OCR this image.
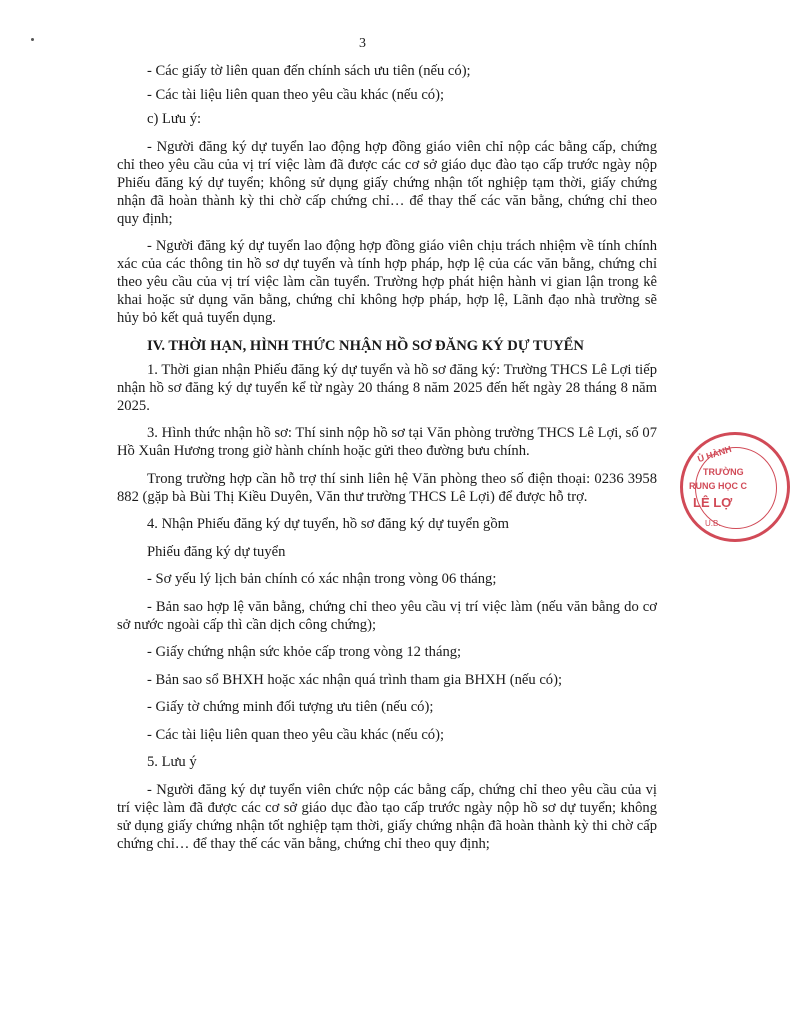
3

- Các giấy tờ liên quan đến chính sách ưu tiên (nếu có);

- Các tài liệu liên quan theo yêu cầu khác (nếu có);

c) Lưu ý:

- Người đăng ký dự tuyển lao động hợp đồng giáo viên chỉ nộp các bằng cấp, chứng chỉ theo yêu cầu của vị trí việc làm đã được các cơ sở giáo dục đào tạo cấp trước ngày nộp Phiếu đăng ký dự tuyển; không sử dụng giấy chứng nhận tốt nghiệp tạm thời, giấy chứng nhận đã hoàn thành kỳ thi chờ cấp chứng chỉ… để thay thế các văn bằng, chứng chỉ theo quy định;

- Người đăng ký dự tuyển lao động hợp đồng giáo viên chịu trách nhiệm về tính chính xác của các thông tin hồ sơ dự tuyển và tính hợp pháp, hợp lệ của các văn bằng, chứng chỉ theo yêu cầu của vị trí việc làm cần tuyển. Trường hợp phát hiện hành vi gian lận trong kê khai hoặc sử dụng văn bằng, chứng chỉ không hợp pháp, hợp lệ, Lãnh đạo nhà trường sẽ hủy bỏ kết quả tuyển dụng.

IV. THỜI HẠN, HÌNH THỨC NHẬN HỒ SƠ ĐĂNG KÝ DỰ TUYỂN

1. Thời gian nhận Phiếu đăng ký dự tuyển và hồ sơ đăng ký: Trường THCS Lê Lợi tiếp nhận hồ sơ đăng ký dự tuyển kể từ ngày 20 tháng 8 năm 2025 đến hết ngày 28 tháng 8 năm 2025.

3. Hình thức nhận hồ sơ: Thí sinh nộp hồ sơ tại Văn phòng trường THCS Lê Lợi, số 07 Hồ Xuân Hương trong giờ hành chính hoặc gửi theo đường bưu chính.

Trong trường hợp cần hỗ trợ thí sinh liên hệ Văn phòng theo số điện thoại: 0236 3958 882 (gặp bà Bùi Thị Kiều Duyên, Văn thư trường THCS Lê Lợi) để được hỗ trợ.

4. Nhận Phiếu đăng ký dự tuyển, hồ sơ đăng ký dự tuyển gồm

Phiếu đăng ký dự tuyển

- Sơ yếu lý lịch bản chính có xác nhận trong vòng 06 tháng;

- Bản sao hợp lệ văn bằng, chứng chỉ theo yêu cầu vị trí việc làm (nếu văn bằng do cơ sở nước ngoài cấp thì cần dịch công chứng);

- Giấy chứng nhận sức khỏe cấp trong vòng 12 tháng;

- Bản sao sổ BHXH hoặc xác nhận quá trình tham gia BHXH (nếu có);

- Giấy tờ chứng minh đối tượng ưu tiên (nếu có);

- Các tài liệu liên quan theo yêu cầu khác (nếu có);

5. Lưu ý

- Người đăng ký dự tuyển viên chức nộp các bằng cấp, chứng chỉ theo yêu cầu của vị trí việc làm đã được các cơ sở giáo dục đào tạo cấp trước ngày nộp hồ sơ dự tuyển; không sử dụng giấy chứng nhận tốt nghiệp tạm thời, giấy chứng nhận đã hoàn thành kỳ thi chờ cấp chứng chỉ… để thay thế các văn bằng, chứng chỉ theo quy định;

Ủ HÀNH
TRƯỜNG
RUNG HỌC C
LÊ LỢ
U.B.
